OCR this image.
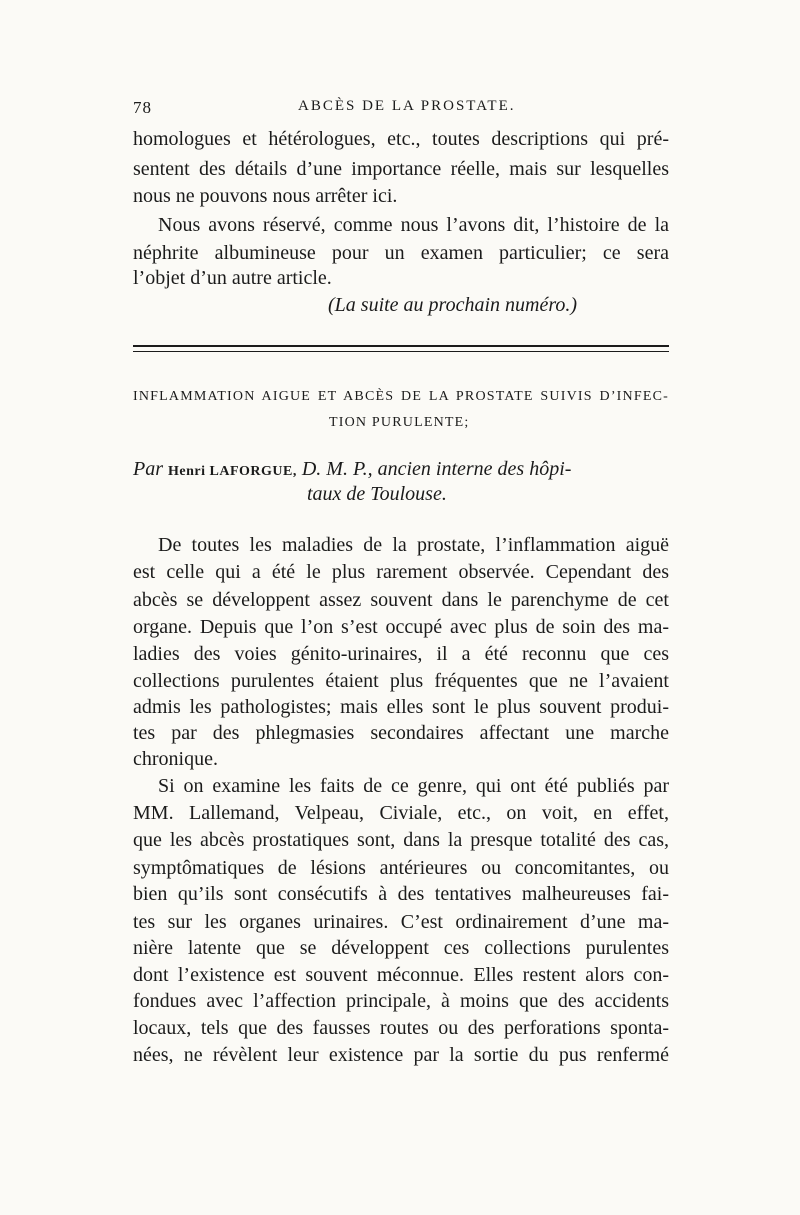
78	ABCÈS DE LA PROSTATE.
homologues et hétérologues, etc., toutes descriptions qui pré-
sentent des détails d’une importance réelle, mais sur lesquelles
nous ne pouvons nous arrêter ici.
Nous avons réservé, comme nous l’avons dit, l’histoire de la
néphrite albumineuse pour un examen particulier; ce sera
l’objet d’un autre article.
(La suite au prochain numéro.)
INFLAMMATION AIGUE ET ABCÈS DE LA PROSTATE SUIVIS D’INFEC-
TION PURULENTE;
Par Henri LAFORGUE, D. M. P., ancien interne des hôpi-
taux de Toulouse.
De toutes les maladies de la prostate, l’inflammation aiguë
est celle qui a été le plus rarement observée. Cependant des
abcès se développent assez souvent dans le parenchyme de cet
organe. Depuis que l’on s’est occupé avec plus de soin des ma-
ladies des voies génito-urinaires, il a été reconnu que ces
collections purulentes étaient plus fréquentes que ne l’avaient
admis les pathologistes; mais elles sont le plus souvent produi-
tes par des phlegmasies secondaires affectant une marche
chronique.
Si on examine les faits de ce genre, qui ont été publiés par
MM. Lallemand, Velpeau, Civiale, etc., on voit, en effet,
que les abcès prostatiques sont, dans la presque totalité des cas,
symptômatiques de lésions antérieures ou concomitantes, ou
bien qu’ils sont consécutifs à des tentatives malheureuses fai-
tes sur les organes urinaires. C’est ordinairement d’une ma-
nière latente que se développent ces collections purulentes
dont l’existence est souvent méconnue. Elles restent alors con-
fondues avec l’affection principale, à moins que des accidents
locaux, tels que des fausses routes ou des perforations sponta-
nées, ne révèlent leur existence par la sortie du pus renfermé
